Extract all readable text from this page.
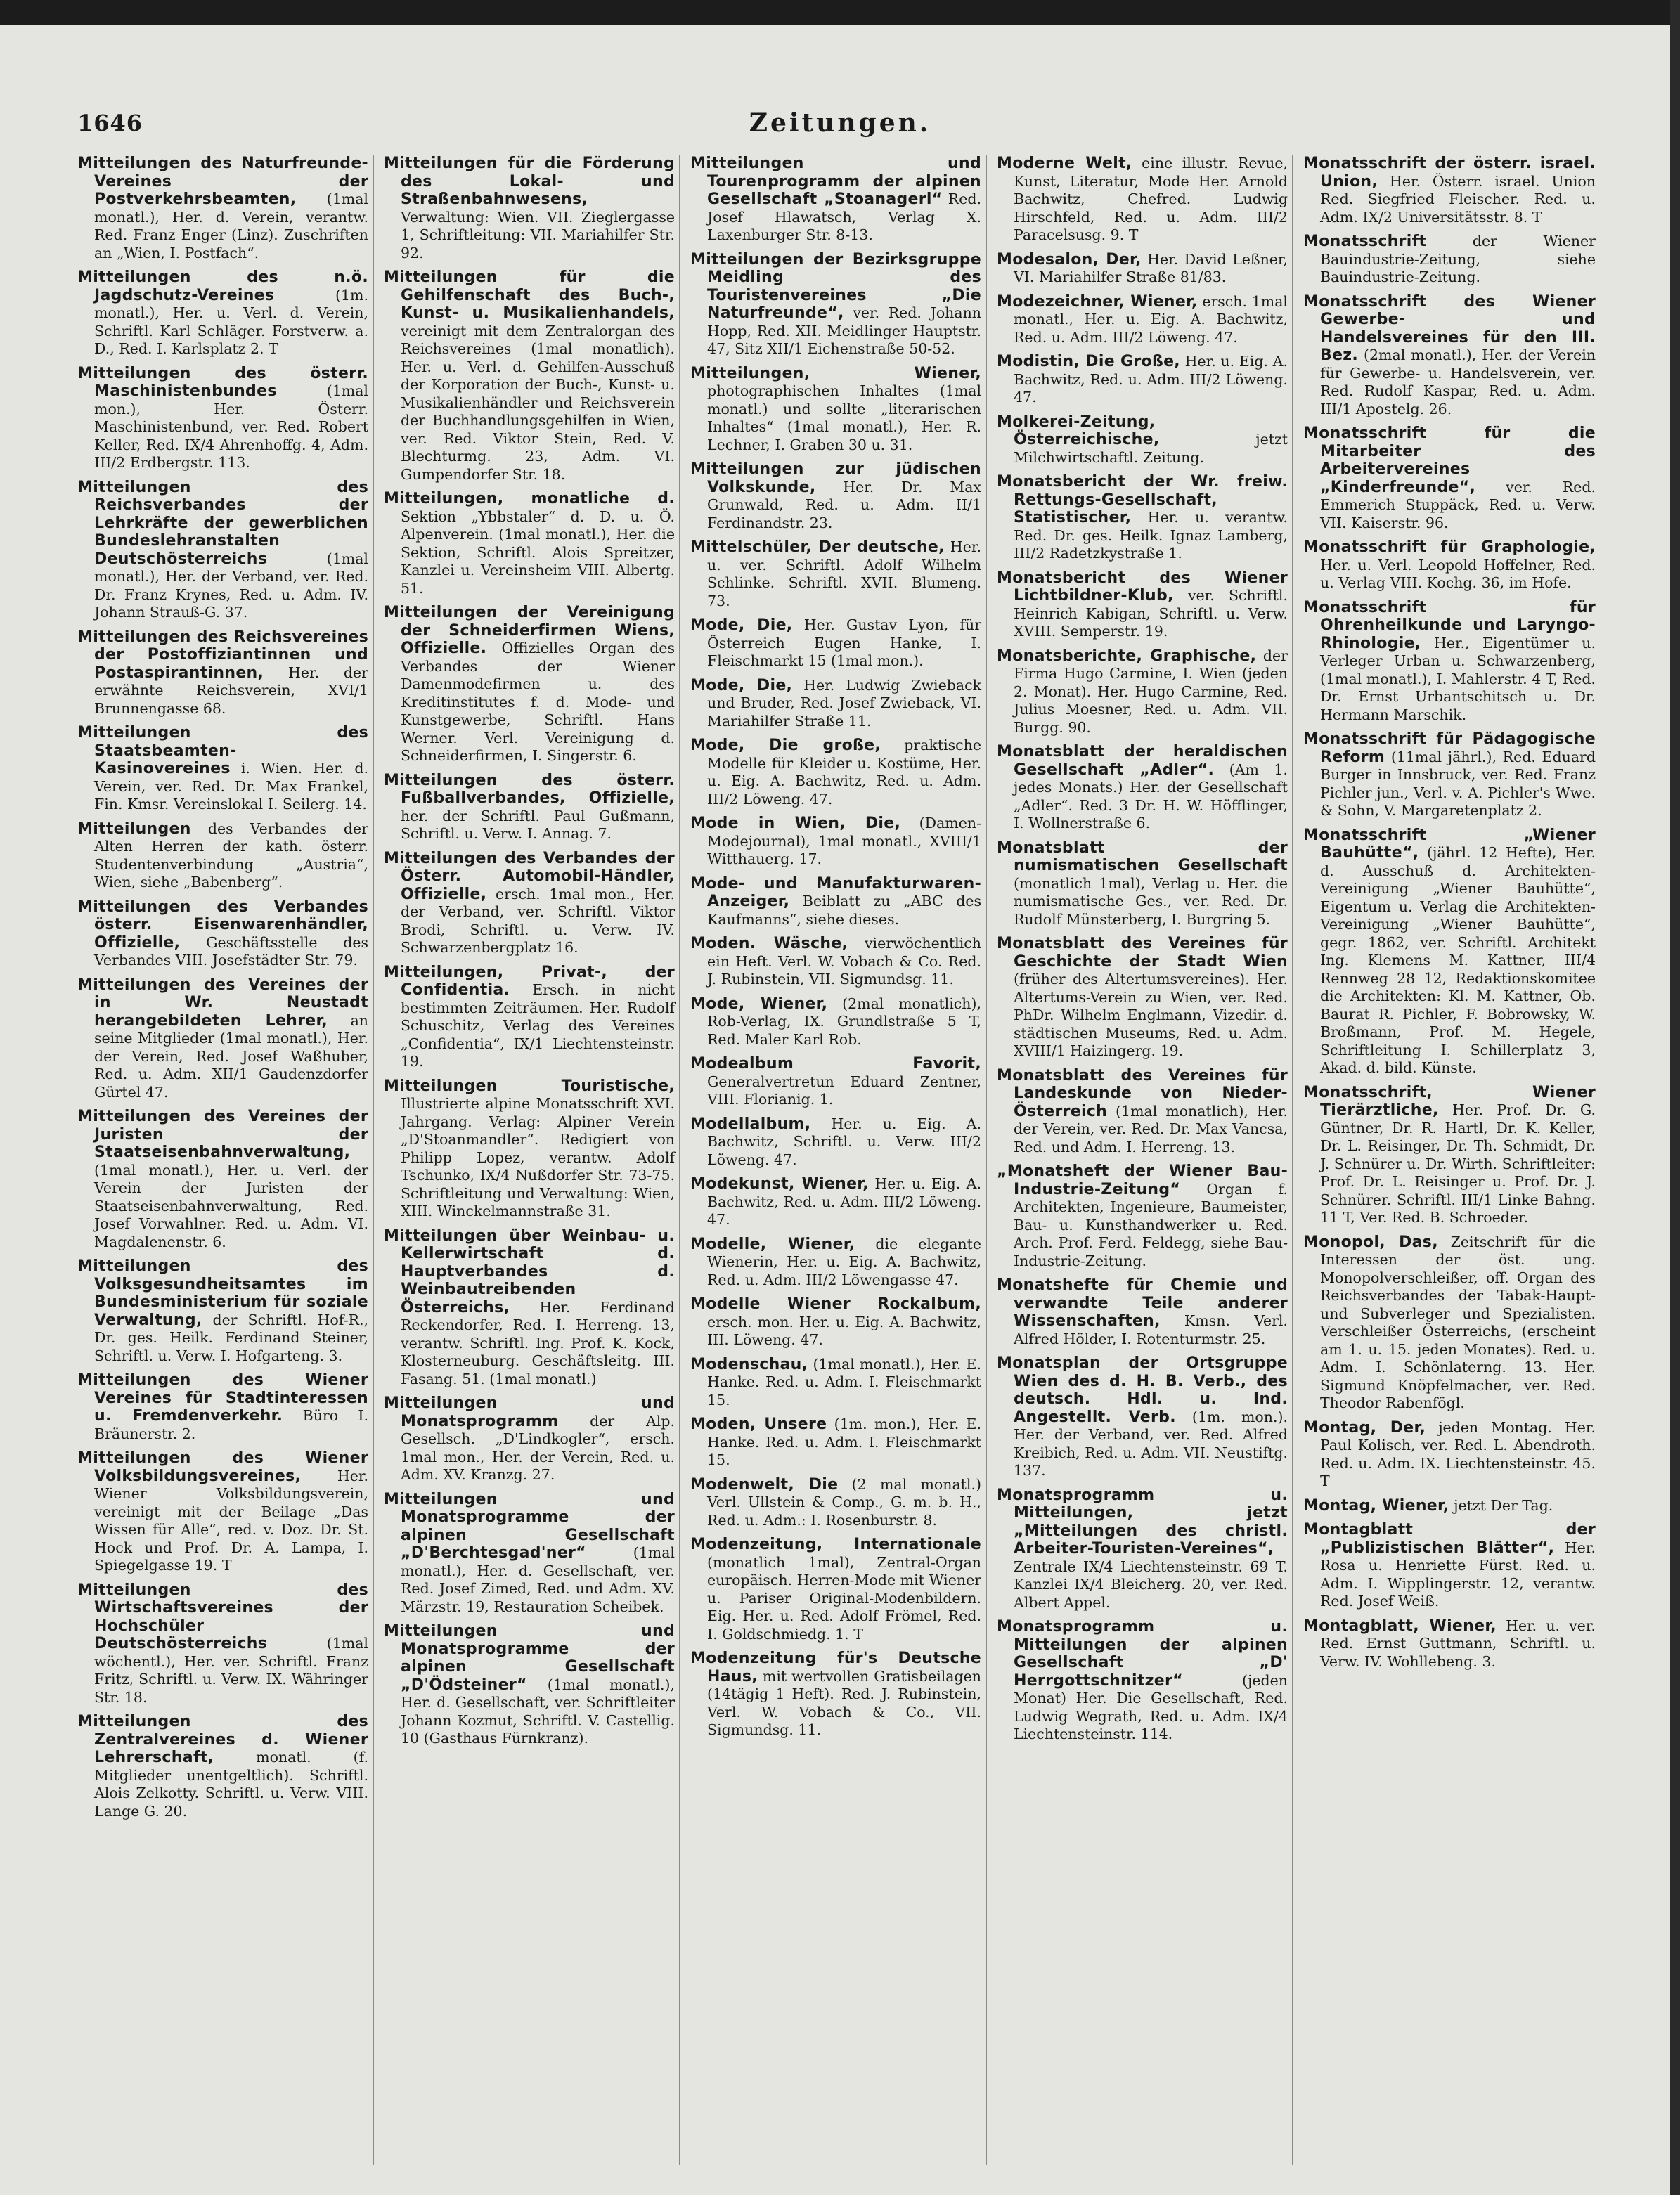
1646	Zeitungen.

Mitteilungen des Naturfreunde-Vereines der Postverkehrsbeamten, (1mal monatl.), Her. d. Verein, verantw. Red. Franz Enger (Linz). Zuschriften an „Wien, I. Postfach“.

Mitteilungen des n.ö. Jagdschutz-Vereines	(1m. monatl.), Her. u. Verl. d. Verein, Schriftl. Karl Schläger. Forstverw. a. D., Red. I. Karlsplatz 2. T

Mitteilungen des österr. Maschinistenbundes	(1mal mon.), Her. Österr. Maschinistenbund, ver. Red. Robert Keller, Red. IX/4 Ahrenhoffg. 4, Adm. III/2 Erdbergstr. 113.

Mitteilungen des Reichsverbandes der Lehrkräfte der gewerblichen Bundeslehranstalten Deutschösterreichs	(1mal monatl.), Her. der Verband, ver. Red. Dr. Franz Krynes, Red. u. Adm. IV. Johann Strauß-G. 37.

Mitteilungen des Reichsvereines der Postoffiziantinnen und Postaspirantinnen, Her. der erwähnte Reichsverein, XVI/1 Brunnengasse 68.

Mitteilungen des Staatsbeamten-Kasinovereines i. Wien. Her. d. Verein, ver. Red. Dr. Max Frankel, Fin. Kmsr. Vereinslokal I. Seilerg. 14.

Mitteilungen des Verbandes der Alten Herren der kath. österr. Studentenverbindung „Austria“, Wien, siehe „Babenberg“.

Mitteilungen des Verbandes österr. Eisenwarenhändler, Offizielle, Geschäftsstelle des Verbandes VIII. Josefstädter Str. 79.

Mitteilungen des Vereines der in Wr. Neustadt herangebildeten Lehrer, an seine Mitglieder (1mal monatl.), Her. der Verein, Red. Josef Waßhuber, Red. u. Adm. XII/1 Gaudenzdorfer Gürtel 47.

Mitteilungen des Vereines der Juristen der Staatseisenbahnverwaltung, (1mal monatl.), Her. u. Verl. der Verein der Juristen der Staatseisenbahnverwaltung, Red. Josef Vorwahlner. Red. u. Adm. VI. Magdalenenstr. 6.

Mitteilungen des Volksgesundheitsamtes im Bundesministerium für soziale Verwaltung, der Schriftl. Hof-R., Dr. ges. Heilk. Ferdinand Steiner, Schriftl. u. Verw. I. Hofgarteng. 3.

Mitteilungen des Wiener Vereines für Stadtinteressen u. Fremdenverkehr. Büro I. Bräunerstr. 2.

Mitteilungen des Wiener Volksbildungsvereines,	Her. Wiener Volksbildungsverein, vereinigt mit der Beilage „Das Wissen für Alle“, red. v. Doz. Dr. St. Hock und Prof. Dr. A. Lampa, I. Spiegelgasse 19. T

Mitteilungen des Wirtschaftsvereines der Hochschüler Deutschösterreichs	(1mal wöchentl.), Her. ver. Schriftl. Franz Fritz, Schriftl. u. Verw. IX. Währinger Str. 18.

Mitteilungen des Zentralvereines d. Wiener Lehrerschaft,	monatl. (f. Mitglieder unentgeltlich). Schriftl. Alois Zelkotty. Schriftl. u. Verw. VIII. Lange G. 20.

Mitteilungen für die Förderung des Lokal- und Straßenbahnwesens, Verwaltung: Wien. VII. Zieglergasse 1, Schriftleitung: VII. Mariahilfer Str. 92.

Mitteilungen für die Gehilfenschaft des Buch-, Kunst- u. Musikalienhandels, vereinigt mit dem Zentralorgan des Reichsvereines (1mal monatlich). Her. u. Verl. d. Gehilfen-Ausschuß der Korporation der Buch-, Kunst- u. Musikalienhändler und Reichsverein der Buchhandlungsgehilfen in Wien, ver. Red. Viktor Stein, Red. V. Blechturmg. 23, Adm. VI. Gumpendorfer Str. 18.

Mitteilungen, monatliche d. Sektion „Ybbstaler“ d. D. u. Ö. Alpenverein. (1mal monatl.), Her. die Sektion, Schriftl. Alois Spreitzer, Kanzlei u. Vereinsheim VIII. Albertg. 51.

Mitteilungen der Vereinigung der Schneiderfirmen Wiens, Offizielle. Offizielles Organ des Verbandes der Wiener Damenmodefirmen u. des Kreditinstitutes f. d. Mode- und Kunstgewerbe, Schriftl. Hans Werner. Verl. Vereinigung d. Schneiderfirmen, I. Singerstr. 6.

Mitteilungen des österr. Fußballverbandes, Offizielle, her. der Schriftl. Paul Gußmann, Schriftl. u. Verw. I. Annag. 7.

Mitteilungen des Verbandes der Österr. Automobil-Händler, Offizielle, ersch. 1mal mon., Her. der Verband, ver. Schriftl. Viktor Brodi, Schriftl. u. Verw. IV. Schwarzenbergplatz 16.

Mitteilungen, Privat-, der Confidentia. Ersch. in nicht bestimmten Zeiträumen. Her. Rudolf Schuschitz, Verlag des Vereines „Confidentia“, IX/1 Liechtensteinstr. 19.

Mitteilungen Touristische, Illustrierte alpine Monatsschrift XVI. Jahrgang. Verlag: Alpiner Verein „D'Stoanmandler“. Redigiert von Philipp Lopez, verantw. Adolf Tschunko, IX/4 Nußdorfer Str. 73-75. Schriftleitung und Verwaltung: Wien, XIII. Winckelmannstraße 31.

Mitteilungen über Weinbau- u. Kellerwirtschaft d. Hauptverbandes d. Weinbautreibenden Österreichs, Her. Ferdinand Reckendorfer, Red. I. Herreng. 13, verantw. Schriftl. Ing. Prof. K. Kock, Klosterneuburg. Geschäftsleitg. III. Fasang. 51. (1mal monatl.)

Mitteilungen und Monatsprogramm der Alp. Gesellsch. „D'Lindkogler“, ersch. 1mal mon., Her. der Verein, Red. u. Adm. XV. Kranzg. 27.

Mitteilungen und Monatsprogramme der alpinen Gesellschaft „D'Berchtesgad'ner“	(1mal monatl.), Her. d. Gesellschaft, ver. Red. Josef Zimed, Red. und Adm. XV. Märzstr. 19, Restauration Scheibek.

Mitteilungen und Monatsprogramme der alpinen Gesellschaft „D'Ödsteiner“ (1mal monatl.), Her. d. Gesellschaft, ver. Schriftleiter Johann Kozmut, Schriftl. V. Castellig. 10 (Gasthaus Fürnkranz).

Mitteilungen und Tourenprogramm der alpinen Gesellschaft „Stoanagerl“ Red. Josef Hlawatsch, Verlag X. Laxenburger Str. 8-13.

Mitteilungen der Bezirksgruppe Meidling des Touristenvereines „Die Naturfreunde“, ver. Red. Johann Hopp, Red. XII. Meidlinger Hauptstr. 47, Sitz XII/1 Eichenstraße 50-52.

Mitteilungen, Wiener, photographischen Inhaltes (1mal monatl.) und sollte „literarischen Inhaltes“ (1mal monatl.), Her. R. Lechner, I. Graben 30 u. 31.

Mitteilungen zur jüdischen Volkskunde, Her. Dr. Max Grunwald, Red. u. Adm. II/1 Ferdinandstr. 23.

Mittelschüler, Der deutsche, Her. u. ver. Schriftl. Adolf Wilhelm Schlinke. Schriftl. XVII. Blumeng. 73.

Mode, Die, Her. Gustav Lyon, für Österreich Eugen Hanke, I. Fleischmarkt 15 (1mal mon.).

Mode, Die, Her. Ludwig Zwieback und Bruder, Red. Josef Zwieback, VI. Mariahilfer Straße 11.

Mode, Die große, praktische Modelle für Kleider u. Kostüme, Her. u. Eig. A. Bachwitz, Red. u. Adm. III/2 Löweng. 47.

Mode in Wien, Die, (Damen-Modejournal), 1mal monatl., XVIII/1 Witthauerg. 17.

Mode- und Manufakturwaren-Anzeiger, Beiblatt zu „ABC des Kaufmanns“, siehe dieses.

Moden. Wäsche, vierwöchentlich ein Heft. Verl. W. Vobach & Co. Red. J. Rubinstein, VII. Sigmundsg. 11.

Mode, Wiener, (2mal monatlich), Rob-Verlag, IX. Grundlstraße 5 T, Red. Maler Karl Rob.

Modealbum Favorit, Generalvertretun Eduard Zentner, VIII. Florianig. 1.

Modellalbum, Her. u. Eig. A. Bachwitz, Schriftl. u. Verw. III/2 Löweng. 47.

Modekunst, Wiener, Her. u. Eig. A. Bachwitz, Red. u. Adm. III/2 Löweng. 47.

Modelle, Wiener, die elegante Wienerin, Her. u. Eig. A. Bachwitz, Red. u. Adm. III/2 Löwengasse 47.

Modelle Wiener Rockalbum, ersch. mon. Her. u. Eig. A. Bachwitz, III. Löweng. 47.

Modenschau, (1mal monatl.), Her. E. Hanke. Red. u. Adm. I. Fleischmarkt 15.

Moden, Unsere (1m. mon.), Her. E. Hanke. Red. u. Adm. I. Fleischmarkt 15.

Modenwelt, Die (2 mal monatl.) Verl. Ullstein & Comp., G. m. b. H., Red. u. Adm.: I. Rosenburstr. 8.

Modenzeitung, Internationale (monatlich 1mal), Zentral-Organ europäisch. Herren-Mode mit Wiener u. Pariser Original-Modenbildern. Eig. Her. u. Red. Adolf Frömel, Red. I. Goldschmiedg. 1. T

Modenzeitung für's Deutsche Haus, mit wertvollen Gratisbeilagen (14tägig 1 Heft). Red. J. Rubinstein, Verl. W. Vobach & Co., VII. Sigmundsg. 11.

Moderne Welt, eine illustr. Revue, Kunst, Literatur, Mode Her. Arnold Bachwitz, Chefred. Ludwig Hirschfeld, Red. u. Adm. III/2 Paracelsusg. 9. T

Modesalon, Der, Her. David Leßner, VI. Mariahilfer Straße 81/83.

Modezeichner, Wiener, ersch. 1mal monatl., Her. u. Eig. A. Bachwitz, Red. u. Adm. III/2 Löweng. 47.

Modistin, Die Große, Her. u. Eig. A. Bachwitz, Red. u. Adm. III/2 Löweng. 47.

Molkerei-Zeitung, Österreichische,	jetzt Milchwirtschaftl. Zeitung.

Monatsbericht der Wr. freiw. Rettungs-Gesellschaft, Statistischer, Her. u. verantw. Red. Dr. ges. Heilk. Ignaz Lamberg, III/2 Radetzkystraße 1.

Monatsbericht des Wiener Lichtbildner-Klub, ver. Schriftl. Heinrich Kabigan, Schriftl. u. Verw. XVIII. Semperstr. 19.

Monatsberichte, Graphische, der Firma Hugo Carmine, I. Wien (jeden 2. Monat). Her. Hugo Carmine, Red. Julius Moesner, Red. u. Adm. VII. Burgg. 90.

Monatsblatt der heraldischen Gesellschaft „Adler“. (Am 1. jedes Monats.) Her. der Gesellschaft „Adler“. Red. 3 Dr. H. W. Höfflinger, I. Wollnerstraße 6.

Monatsblatt der numismatischen Gesellschaft (monatlich 1mal), Verlag u. Her. die numismatische Ges., ver. Red. Dr. Rudolf Münsterberg, I. Burgring 5.

Monatsblatt des Vereines für Geschichte der Stadt Wien (früher des Altertumsvereines). Her. Altertums-Verein zu Wien, ver. Red. PhDr. Wilhelm Englmann, Vizedir. d. städtischen Museums, Red. u. Adm. XVIII/1 Haizingerg. 19.

Monatsblatt des Vereines für Landeskunde von Nieder-Österreich (1mal monatlich), Her. der Verein, ver. Red. Dr. Max Vancsa, Red. und Adm. I. Herreng. 13.

„Monatsheft der Wiener Bau-Industrie-Zeitung“ Organ f. Architekten, Ingenieure, Baumeister, Bau- u. Kunsthandwerker u. Red. Arch. Prof. Ferd. Feldegg, siehe Bau-Industrie-Zeitung.

Monatshefte für Chemie und verwandte Teile anderer Wissenschaften, Kmsn. Verl. Alfred Hölder, I. Rotenturmstr. 25.

Monatsplan der Ortsgruppe Wien des d. H. B. Verb., des deutsch. Hdl. u. Ind. Angestellt. Verb. (1m. mon.). Her. der Verband, ver. Red. Alfred Kreibich, Red. u. Adm. VII. Neustiftg. 137.

Monatsprogramm u. Mitteilungen, jetzt „Mitteilungen des christl. Arbeiter-Touristen-Vereines“, Zentrale IX/4 Liechtensteinstr. 69 T. Kanzlei IX/4 Bleicherg. 20, ver. Red. Albert Appel.

Monatsprogramm u. Mitteilungen der alpinen Gesellschaft „D' Herrgottschnitzer“	(jeden Monat) Her. Die Gesellschaft, Red. Ludwig Wegrath, Red. u. Adm. IX/4 Liechtensteinstr. 114.

Monatsschrift der österr. israel. Union, Her. Österr. israel. Union Red. Siegfried Fleischer. Red. u. Adm. IX/2 Universitätsstr. 8. T

Monatsschrift	der Wiener Bauindustrie-Zeitung, siehe Bauindustrie-Zeitung.

Monatsschrift des Wiener Gewerbe- und Handelsvereines für den III. Bez. (2mal monatl.), Her. der Verein für Gewerbe- u. Handelsverein, ver. Red. Rudolf Kaspar, Red. u. Adm. III/1 Apostelg. 26.

Monatsschrift für die Mitarbeiter des Arbeitervereines „Kinderfreunde“, ver. Red. Emmerich Stuppäck, Red. u. Verw. VII. Kaiserstr. 96.

Monatsschrift für Graphologie, Her. u. Verl. Leopold Hoffelner, Red. u. Verlag VIII. Kochg. 36, im Hofe.

Monatsschrift für Ohrenheilkunde und Laryngo-Rhinologie, Her., Eigentümer u. Verleger Urban u. Schwarzenberg, (1mal monatl.), I. Mahlerstr. 4 T, Red. Dr. Ernst Urbantschitsch u. Dr. Hermann Marschik.

Monatsschrift für Pädagogische Reform (11mal jährl.), Red. Eduard Burger in Innsbruck, ver. Red. Franz Pichler jun., Verl. v. A. Pichler's Wwe. & Sohn, V. Margaretenplatz 2.

Monatsschrift „Wiener Bauhütte“, (jährl. 12 Hefte), Her. d. Ausschuß d. Architekten-Vereinigung „Wiener Bauhütte“, Eigentum u. Verlag die Architekten-Vereinigung „Wiener Bauhütte“, gegr. 1862, ver. Schriftl. Architekt Ing. Klemens M. Kattner, III/4 Rennweg 28 12, Redaktionskomitee die Architekten: Kl. M. Kattner, Ob. Baurat R. Pichler, F. Bobrowsky, W. Broßmann, Prof. M. Hegele, Schriftleitung I. Schillerplatz 3, Akad. d. bild. Künste.

Monatsschrift, Wiener Tierärztliche, Her. Prof. Dr. G. Güntner, Dr. R. Hartl, Dr. K. Keller, Dr. L. Reisinger, Dr. Th. Schmidt, Dr. J. Schnürer u. Dr. Wirth. Schriftleiter: Prof. Dr. L. Reisinger u. Prof. Dr. J. Schnürer. Schriftl. III/1 Linke Bahng. 11 T, Ver. Red. B. Schroeder.

Monopol, Das, Zeitschrift für die Interessen der öst. ung. Monopolverschleißer, off. Organ des Reichsverbandes der Tabak-Haupt- und Subverleger und Spezialisten. Verschleißer Österreichs, (erscheint am 1. u. 15. jeden Monates). Red. u. Adm. I. Schönlaterng. 13. Her. Sigmund Knöpfelmacher, ver. Red. Theodor Rabenfögl.

Montag, Der, jeden Montag. Her. Paul Kolisch, ver. Red. L. Abendroth. Red. u. Adm. IX. Liechtensteinstr. 45. T

Montag, Wiener, jetzt Der Tag.

Montagblatt der „Publizistischen Blätter“, Her. Rosa u. Henriette Fürst. Red. u. Adm. I. Wipplingerstr. 12, verantw. Red. Josef Weiß.

Montagblatt, Wiener, Her. u. ver. Red. Ernst Guttmann, Schriftl. u. Verw. IV. Wohllebeng. 3.
